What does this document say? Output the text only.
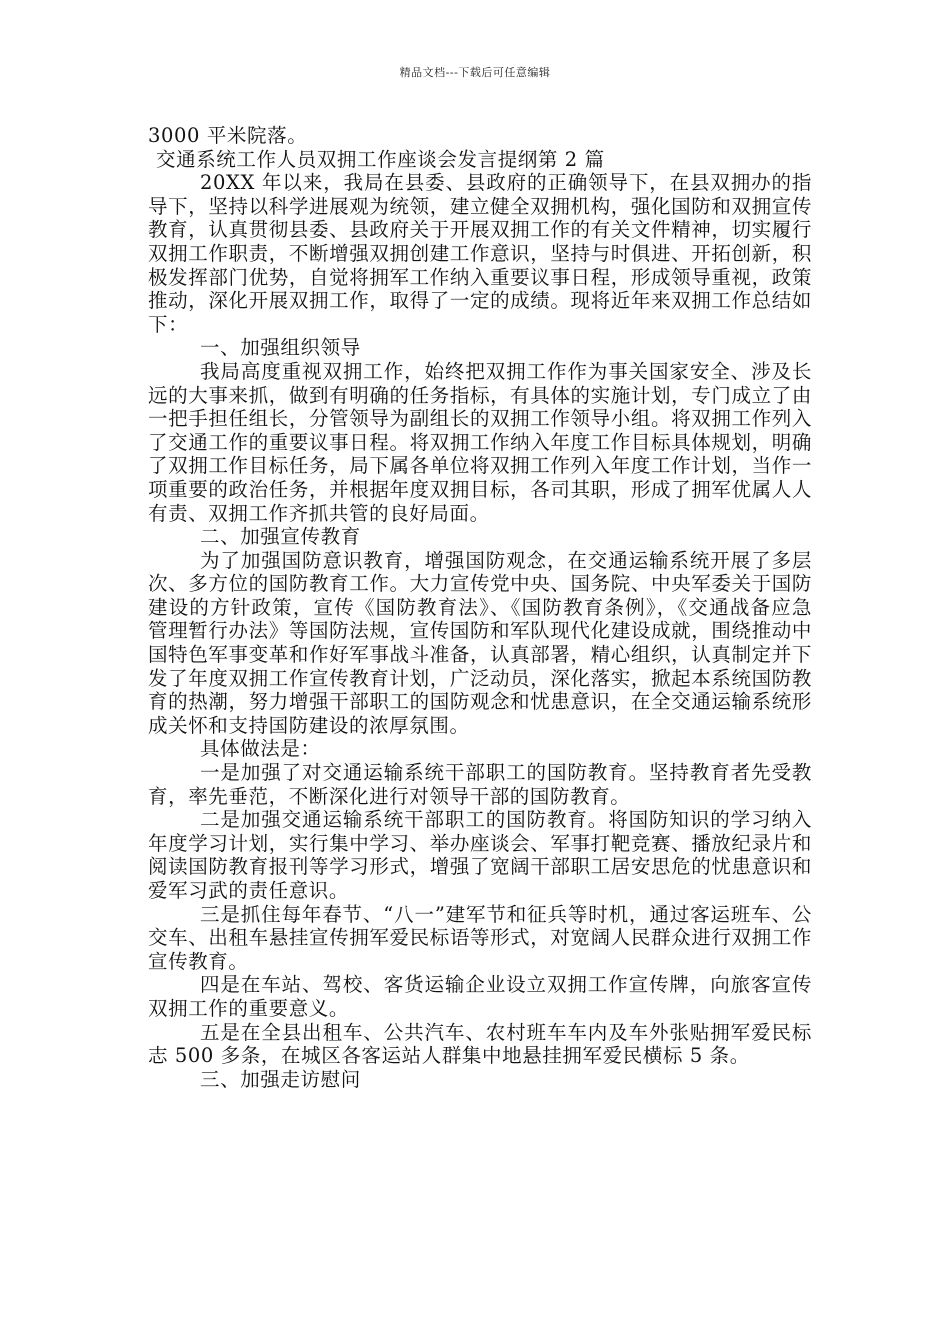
精品文档---下载后可任意编辑

3000 平米院落。

交通系统工作人员双拥工作座谈会发言提纲第 2 篇

20XX 年以来，我局在县委、县政府的正确领导下，在县双拥办的指导下，坚持以科学进展观为统领，建立健全双拥机构，强化国防和双拥宣传教育，认真贯彻县委、县政府关于开展双拥工作的有关文件精神，切实履行双拥工作职责，不断增强双拥创建工作意识，坚持与时俱进、开拓创新，积极发挥部门优势，自觉将拥军工作纳入重要议事日程，形成领导重视，政策推动，深化开展双拥工作，取得了一定的成绩。现将近年来双拥工作总结如下：

一、加强组织领导

我局高度重视双拥工作，始终把双拥工作作为事关国家安全、涉及长远的大事来抓，做到有明确的任务指标，有具体的实施计划，专门成立了由一把手担任组长，分管领导为副组长的双拥工作领导小组。将双拥工作列入了交通工作的重要议事日程。将双拥工作纳入年度工作目标具体规划，明确了双拥工作目标任务，局下属各单位将双拥工作列入年度工作计划，当作一项重要的政治任务，并根据年度双拥目标，各司其职，形成了拥军优属人人有责、双拥工作齐抓共管的良好局面。

二、加强宣传教育

为了加强国防意识教育，增强国防观念，在交通运输系统开展了多层次、多方位的国防教育工作。大力宣传党中央、国务院、中央军委关于国防建设的方针政策，宣传《国防教育法》、《国防教育条例》，《交通战备应急管理暂行办法》等国防法规，宣传国防和军队现代化建设成就，围绕推动中国特色军事变革和作好军事战斗准备，认真部署，精心组织，认真制定并下发了年度双拥工作宣传教育计划，广泛动员，深化落实，掀起本系统国防教育的热潮，努力增强干部职工的国防观念和忧患意识，在全交通运输系统形成关怀和支持国防建设的浓厚氛围。

具体做法是：

一是加强了对交通运输系统干部职工的国防教育。坚持教育者先受教育，率先垂范，不断深化进行对领导干部的国防教育。

二是加强交通运输系统干部职工的国防教育。将国防知识的学习纳入年度学习计划，实行集中学习、举办座谈会、军事打靶竞赛、播放纪录片和阅读国防教育报刊等学习形式，增强了宽阔干部职工居安思危的忧患意识和爱军习武的责任意识。

三是抓住每年春节、“八一”建军节和征兵等时机，通过客运班车、公交车、出租车悬挂宣传拥军爱民标语等形式，对宽阔人民群众进行双拥工作宣传教育。

四是在车站、驾校、客货运输企业设立双拥工作宣传牌，向旅客宣传双拥工作的重要意义。

五是在全县出租车、公共汽车、农村班车车内及车外张贴拥军爱民标志 500 多条，在城区各客运站人群集中地悬挂拥军爱民横标 5 条。

三、加强走访慰问
